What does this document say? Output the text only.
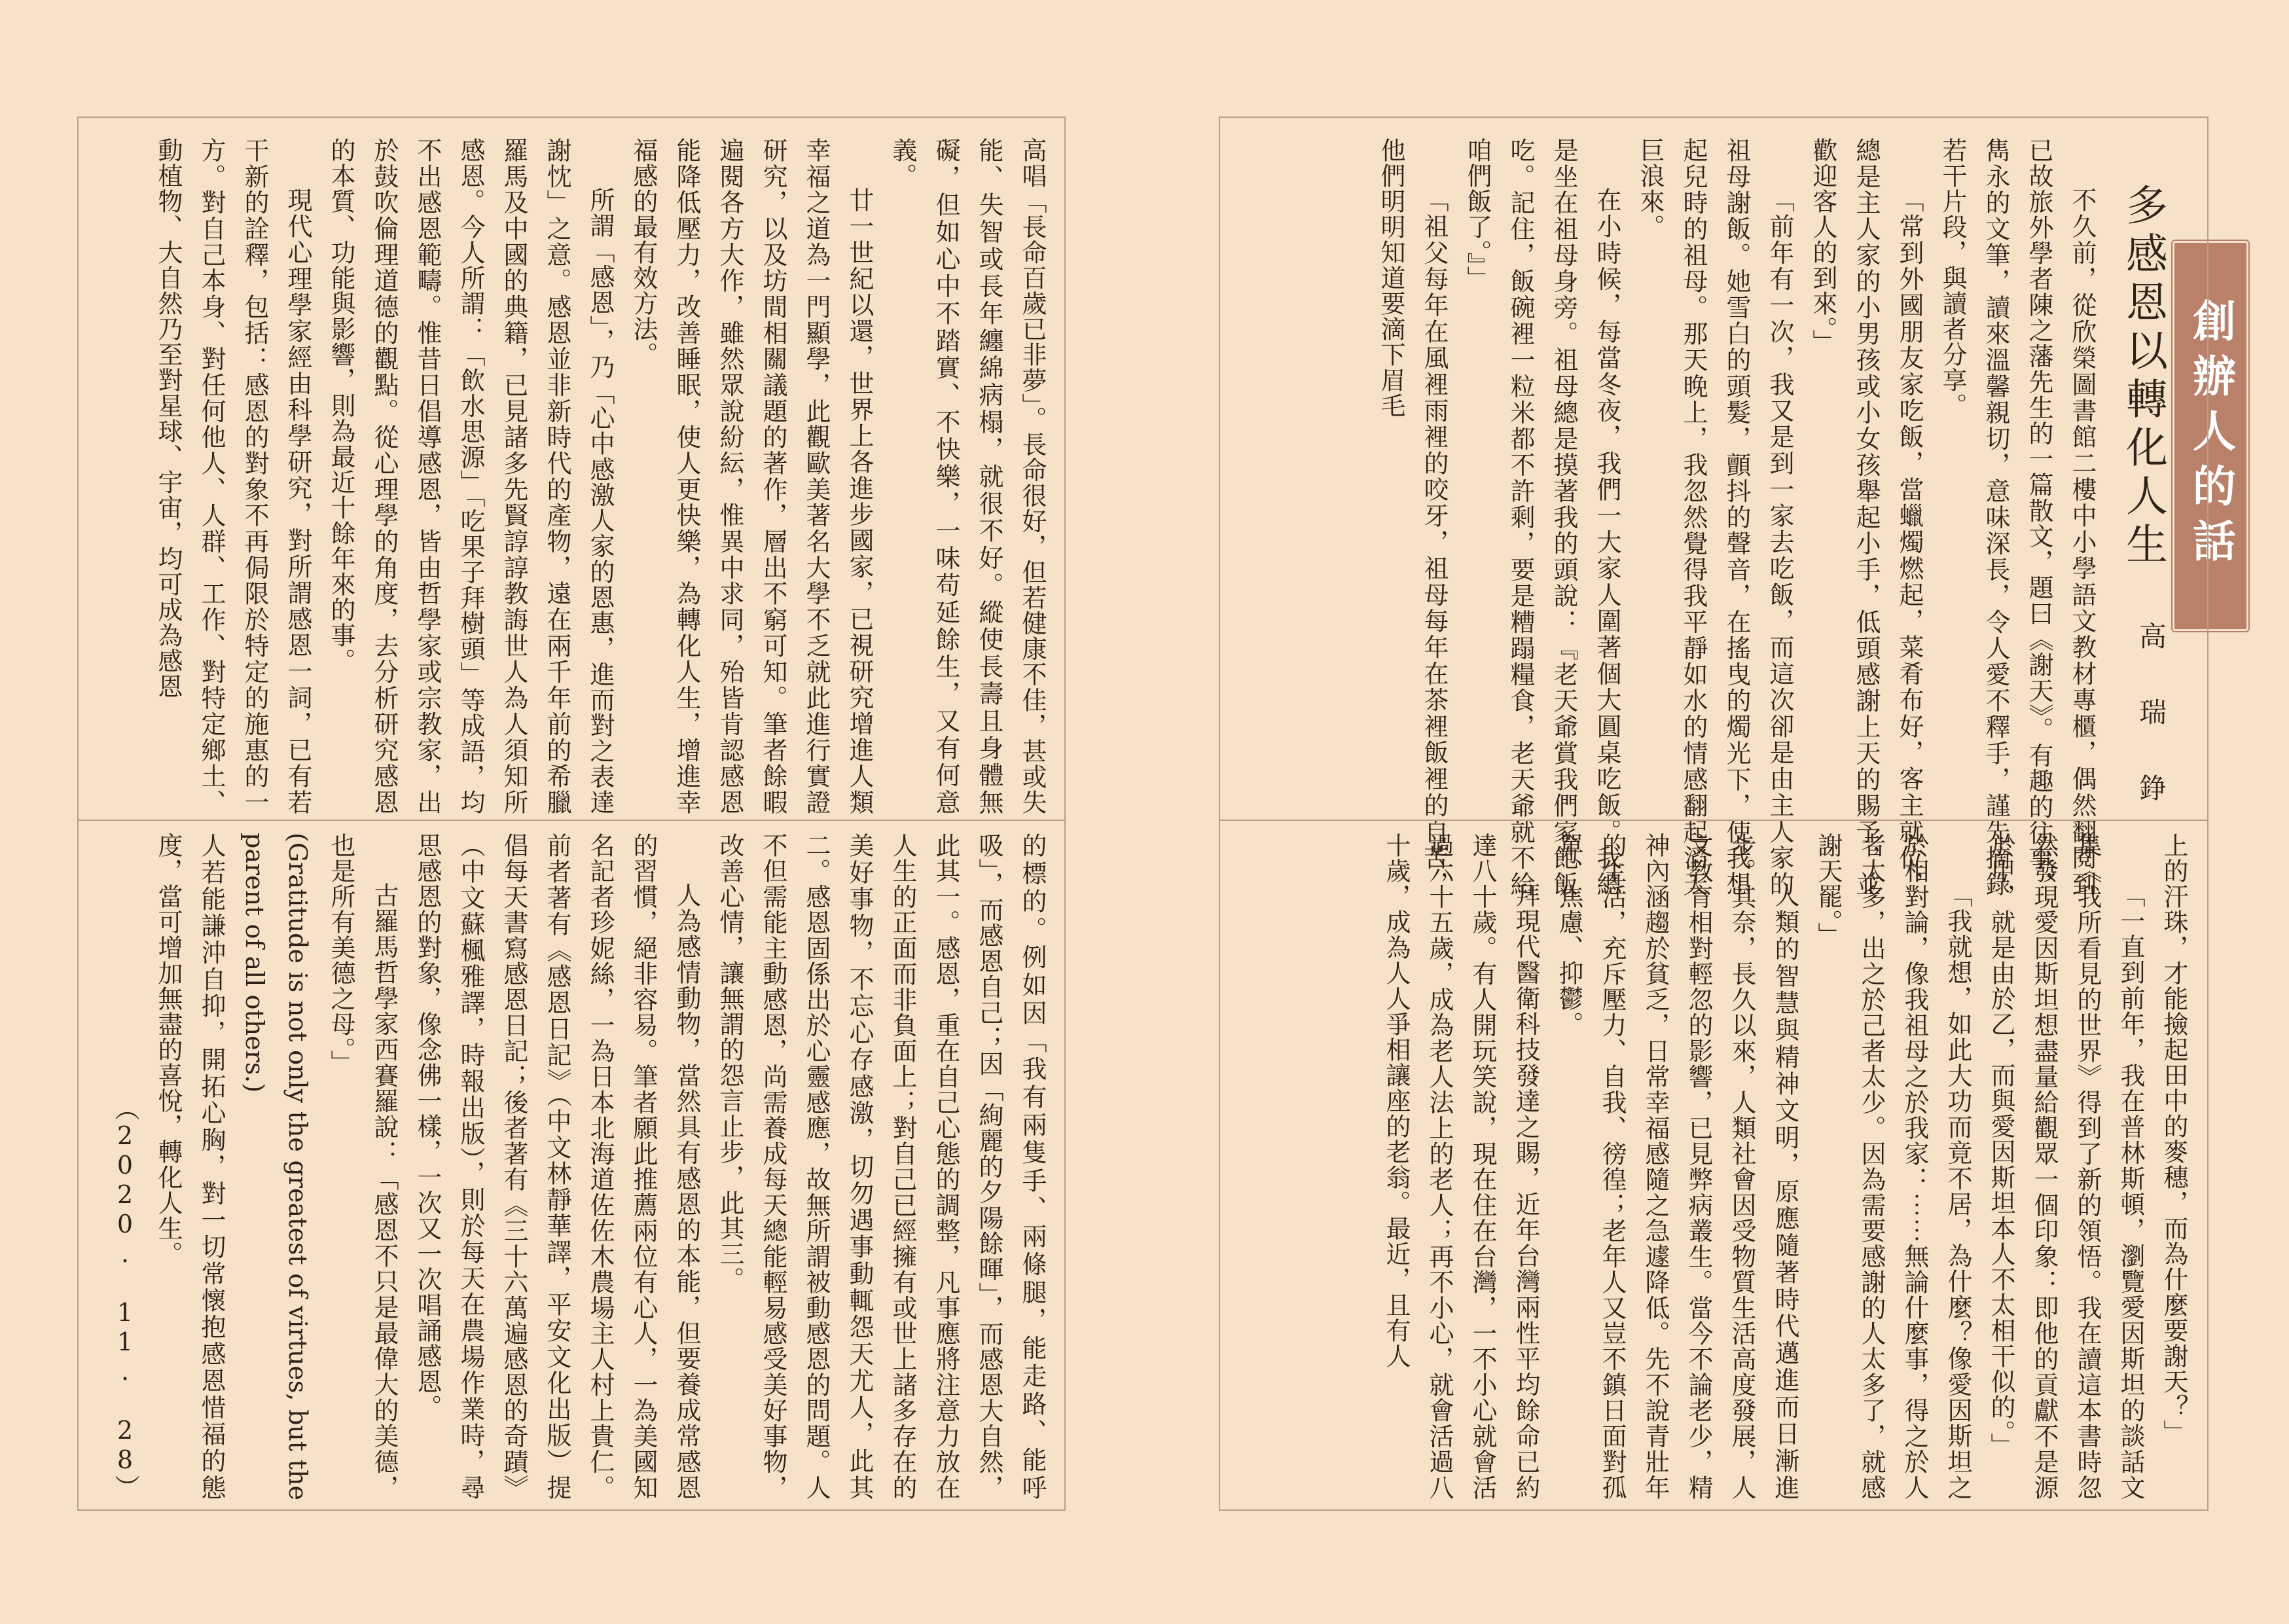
創辦人的話
多感恩以轉化人生
高　瑞　錚

不久前，從欣榮圖書館二樓中小學語文教材專櫃，偶然翻閱到已故旅外學者陳之藩先生的一篇散文，題曰《謝天》。有趣的往事，雋永的文筆，讀來溫馨親切，意味深長，令人愛不釋手，謹先摘錄若干片段，與讀者分享。

「常到外國朋友家吃飯，當蠟燭燃起，菜肴布好，客主就位，總是主人家的小男孩或小女孩舉起小手，低頭感謝上天的賜予，並歡迎客人的到來。」

「前年有一次，我又是到一家去吃飯，而這次卻是由主人家的祖母謝飯。她雪白的頭髮，顫抖的聲音，在搖曳的燭光下，使我想起兒時的祖母。那天晚上，我忽然覺得我平靜如水的情感翻起滔天巨浪來。

在小時候，每當冬夜，我們一大家人圍著個大圓桌吃飯。我總是坐在祖母身旁。祖母總是摸著我的頭說：『老天爺賞我們家飽飯吃。記住，飯碗裡一粒米都不許剩，要是糟蹋糧食，老天爺就不給咱們飯了。』」

「祖父每年在風裡雨裡的咬牙，祖母每年在茶裡飯裡的自苦，他們明明知道要滴下眉毛

上的汗珠，才能撿起田中的麥穗，而為什麼要謝天？」

「一直到前年，我在普林斯頓，瀏覽愛因斯坦的談話文集《我所看見的世界》得到了新的領悟。我在讀這本書時忽然發現愛因斯坦想盡量給觀眾一個印象：即他的貢獻不是源於甲，就是由於乙，而與愛因斯坦本人不太相干似的。」

「我就想，如此大功而竟不居，為什麼？像愛因斯坦之於相對論，像我祖母之於我家：⋯⋯無論什麼事，得之於人者太多，出之於己者太少。因為需要感謝的人太多了，就感謝天罷。」

人類的智慧與精神文明，原應隨著時代邁進而日漸進步。其奈，長久以來，人類社會因受物質生活高度發展，人文教育相對輕忽的影響，已見弊病叢生。當今不論老少，精神內涵趨於貧乏，日常幸福感隨之急遽降低。先不說青壯年的生活，充斥壓力、自我、徬徨；老年人又豈不鎮日面對孤單、焦慮、抑鬱。

拜現代醫衛科技發達之賜，近年台灣兩性平均餘命已約達八十歲。有人開玩笑說，現在住在台灣，一不小心就會活過六十五歲，成為老人法上的老人；再不小心，就會活過八十歲，成為人人爭相讓座的老翁。最近，且有人

高唱「長命百歲已非夢」。長命很好，但若健康不佳，甚或失能、失智或長年纏綿病榻，就很不好。縱使長壽且身體無礙，但如心中不踏實、不快樂，一味苟延餘生，又有何意義。

廿一世紀以還，世界上各進步國家，已視研究增進人類幸福之道為一門顯學，此觀歐美著名大學不乏就此進行實證研究，以及坊間相關議題的著作，層出不窮可知。筆者餘暇遍閱各方大作，雖然眾說紛紜，惟異中求同，殆皆肯認感恩能降低壓力，改善睡眠，使人更快樂，為轉化人生，增進幸福感的最有效方法。

所謂「感恩」，乃「心中感激人家的恩惠，進而對之表達謝忱」之意。感恩並非新時代的產物，遠在兩千年前的希臘羅馬及中國的典籍，已見諸多先賢諄諄教誨世人為人須知所感恩。今人所謂：「飲水思源」「吃果子拜樹頭」等成語，均不出感恩範疇。惟昔日倡導感恩，皆由哲學家或宗教家，出於鼓吹倫理道德的觀點。從心理學的角度，去分析研究感恩的本質、功能與影響，則為最近十餘年來的事。

現代心理學家經由科學研究，對所謂感恩一詞，已有若干新的詮釋，包括：感恩的對象不再侷限於特定的施惠的一方。對自己本身、對任何他人、人群、工作、對特定鄉土、動植物、大自然乃至對星球、宇宙，均可成為感恩

的標的。例如因「我有兩隻手、兩條腿，能走路、能呼吸」，而感恩自己；因「絢麗的夕陽餘暉」，而感恩大自然，此其一。感恩，重在自己心態的調整，凡事應將注意力放在人生的正面而非負面上；對自己已經擁有或世上諸多存在的美好事物，不忘心存感激，切勿遇事動輒怨天尤人，此其二。感恩固係出於心靈感應，故無所謂被動感恩的問題。人不但需能主動感恩，尚需養成每天總能輕易感受美好事物，改善心情，讓無謂的怨言止步，此其三。

人為感情動物，當然具有感恩的本能，但要養成常感恩的習慣，絕非容易。筆者願此推薦兩位有心人，一為美國知名記者珍妮絲，一為日本北海道佐佐木農場主人村上貴仁。前者著有《感恩日記》（中文林靜華譯，平安文化出版）提倡每天書寫感恩日記；後者著有《三十六萬遍感恩的奇蹟》（中文蘇楓雅譯，時報出版），則於每天在農場作業時，尋思感恩的對象，像念佛一樣，一次又一次唱誦感恩。

古羅馬哲學家西賽羅說：「感恩不只是最偉大的美德，也是所有美德之母。」

(Gratitude is not only the greatest of virtues, but the parent of all others.)

人若能謙沖自抑，開拓心胸，對一切常懷抱感恩惜福的態度，當可增加無盡的喜悅，轉化人生。

（2020. 11. 28）
